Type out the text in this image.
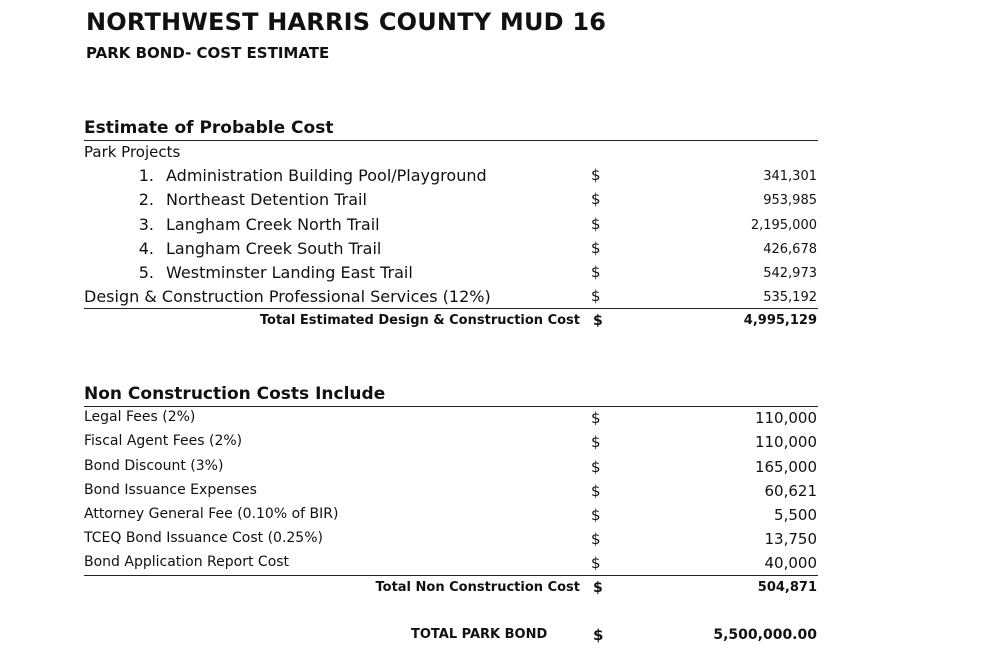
NORTHWEST HARRIS COUNTY MUD 16
PARK BOND- COST ESTIMATE
Estimate of Probable Cost
Park Projects
1. Administration Building Pool/Playground	$	341,301
2. Northeast Detention Trail	$	953,985
3. Langham Creek North Trail	$	2,195,000
4. Langham Creek South Trail	$	426,678
5. Westminster Landing East Trail	$	542,973
Design & Construction Professional Services (12%)	$	535,192
Total Estimated Design & Construction Cost $	4,995,129
Non Construction Costs Include
Legal Fees (2%)	$	110,000
Fiscal Agent Fees (2%)	$	110,000
Bond Discount (3%)	$	165,000
Bond Issuance Expenses	$	60,621
Attorney General Fee (0.10% of BIR)	$	5,500
TCEQ Bond Issuance Cost (0.25%)	$	13,750
Bond Application Report Cost	$	40,000
Total Non Construction Cost $	504,871
TOTAL PARK BOND	$	5,500,000.00
